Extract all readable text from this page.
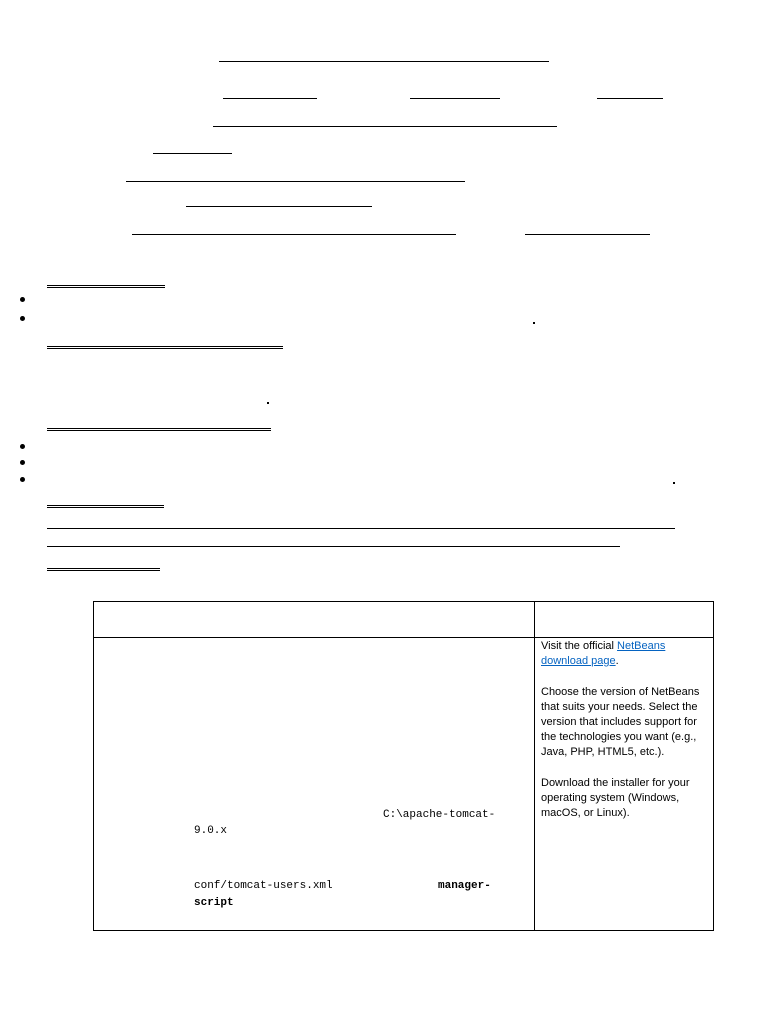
Visit the official NetBeans download page.

Choose the version of NetBeans that suits your needs. Select the version that includes support for the technologies you want (e.g., Java, PHP, HTML5, etc.).

Download the installer for your operating system (Windows, macOS, or Linux).

C:\apache-tomcat-
9.0.x
conf/tomcat-users.xml	manager-
script
